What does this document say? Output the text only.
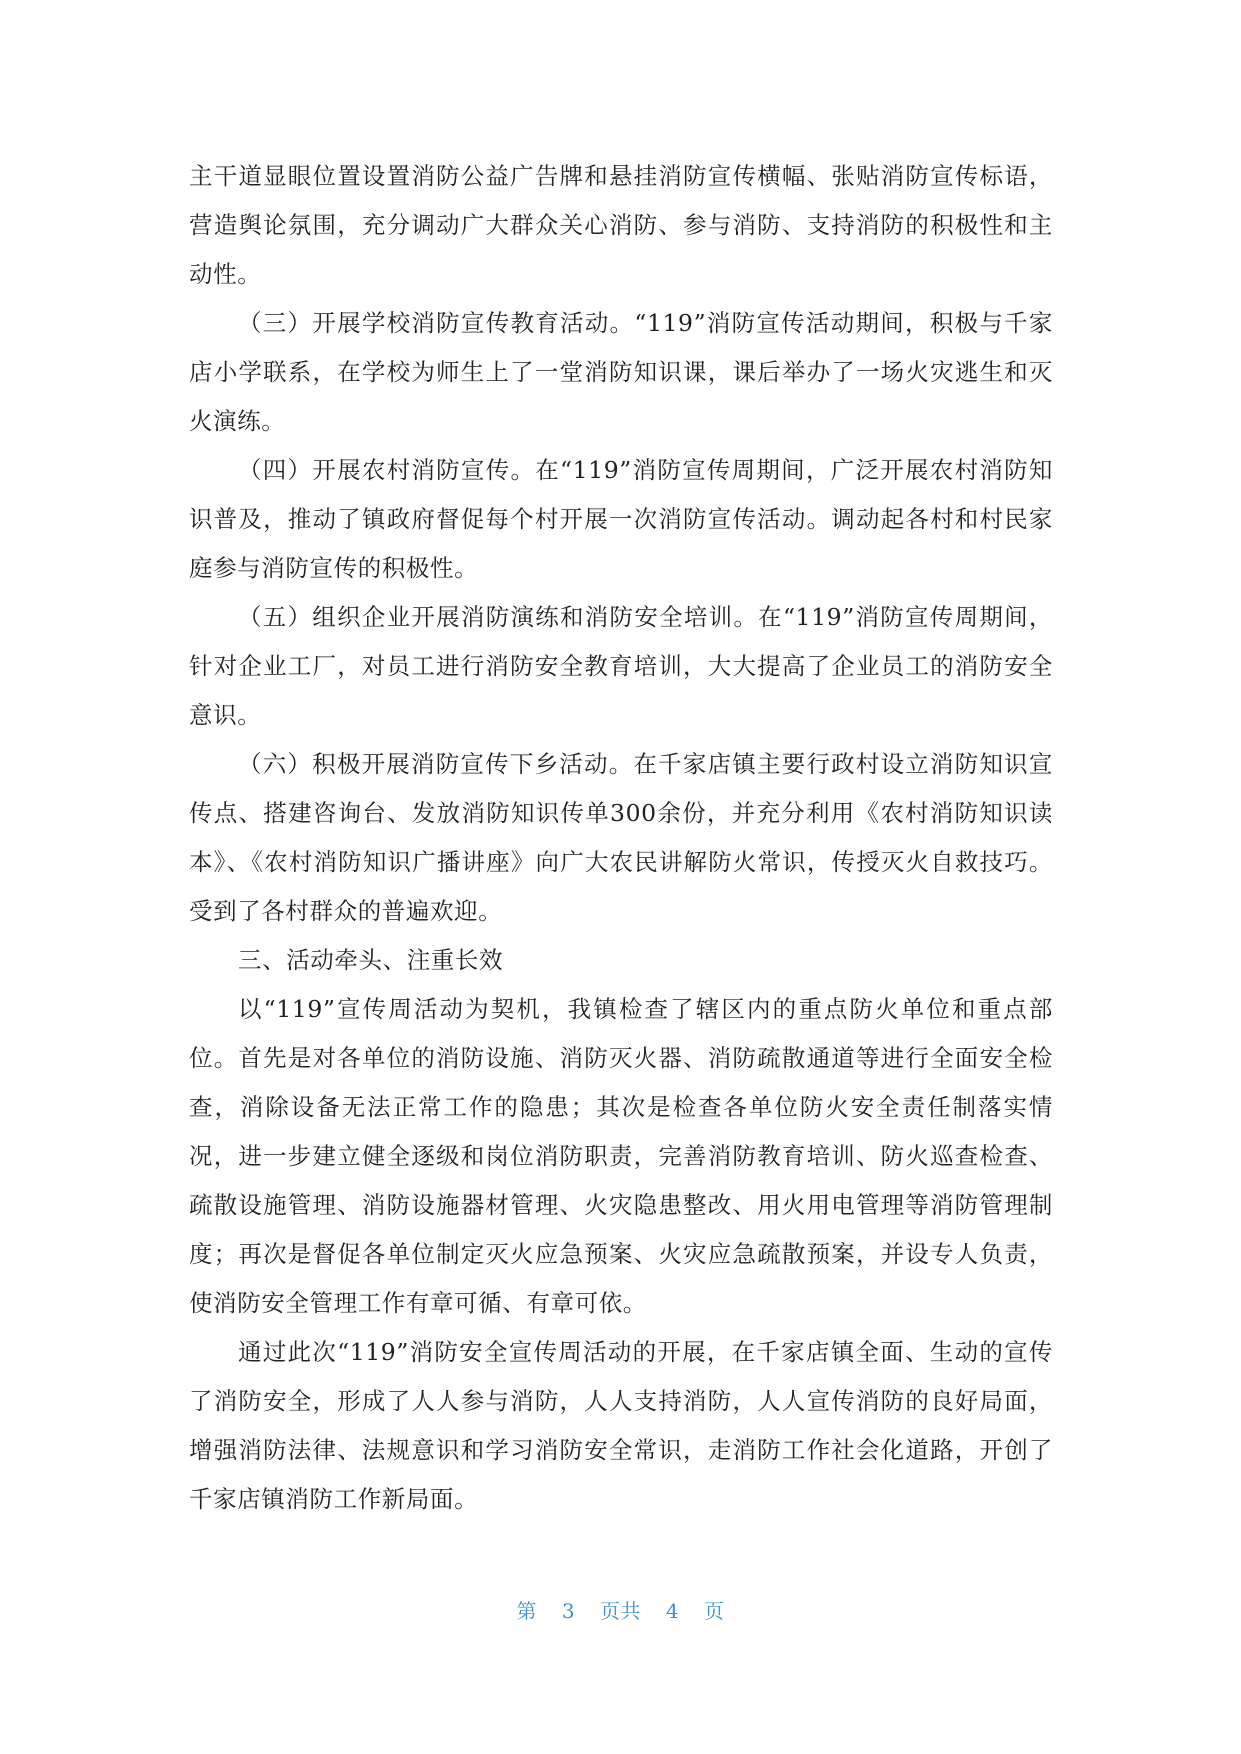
主干道显眼位置设置消防公益广告牌和悬挂消防宣传横幅、张贴消防宣传标语，营造舆论氛围，充分调动广大群众关心消防、参与消防、支持消防的积极性和主动性。

（三）开展学校消防宣传教育活动。“119”消防宣传活动期间，积极与千家店小学联系，在学校为师生上了一堂消防知识课，课后举办了一场火灾逃生和灭火演练。

（四）开展农村消防宣传。在“119”消防宣传周期间，广泛开展农村消防知识普及，推动了镇政府督促每个村开展一次消防宣传活动。调动起各村和村民家庭参与消防宣传的积极性。

（五）组织企业开展消防演练和消防安全培训。在“119”消防宣传周期间，针对企业工厂，对员工进行消防安全教育培训，大大提高了企业员工的消防安全意识。

（六）积极开展消防宣传下乡活动。在千家店镇主要行政村设立消防知识宣传点、搭建咨询台、发放消防知识传单300余份，并充分利用《农村消防知识读本》、《农村消防知识广播讲座》向广大农民讲解防火常识，传授灭火自救技巧。受到了各村群众的普遍欢迎。

三、活动牵头、注重长效

以“119”宣传周活动为契机，我镇检查了辖区内的重点防火单位和重点部位。首先是对各单位的消防设施、消防灭火器、消防疏散通道等进行全面安全检查，消除设备无法正常工作的隐患；其次是检查各单位防火安全责任制落实情况，进一步建立健全逐级和岗位消防职责，完善消防教育培训、防火巡查检查、疏散设施管理、消防设施器材管理、火灾隐患整改、用火用电管理等消防管理制度；再次是督促各单位制定灭火应急预案、火灾应急疏散预案，并设专人负责，使消防安全管理工作有章可循、有章可依。

通过此次“119”消防安全宣传周活动的开展，在千家店镇全面、生动的宣传了消防安全，形成了人人参与消防，人人支持消防，人人宣传消防的良好局面，增强消防法律、法规意识和学习消防安全常识，走消防工作社会化道路，开创了千家店镇消防工作新局面。

第 3 页共 4 页
